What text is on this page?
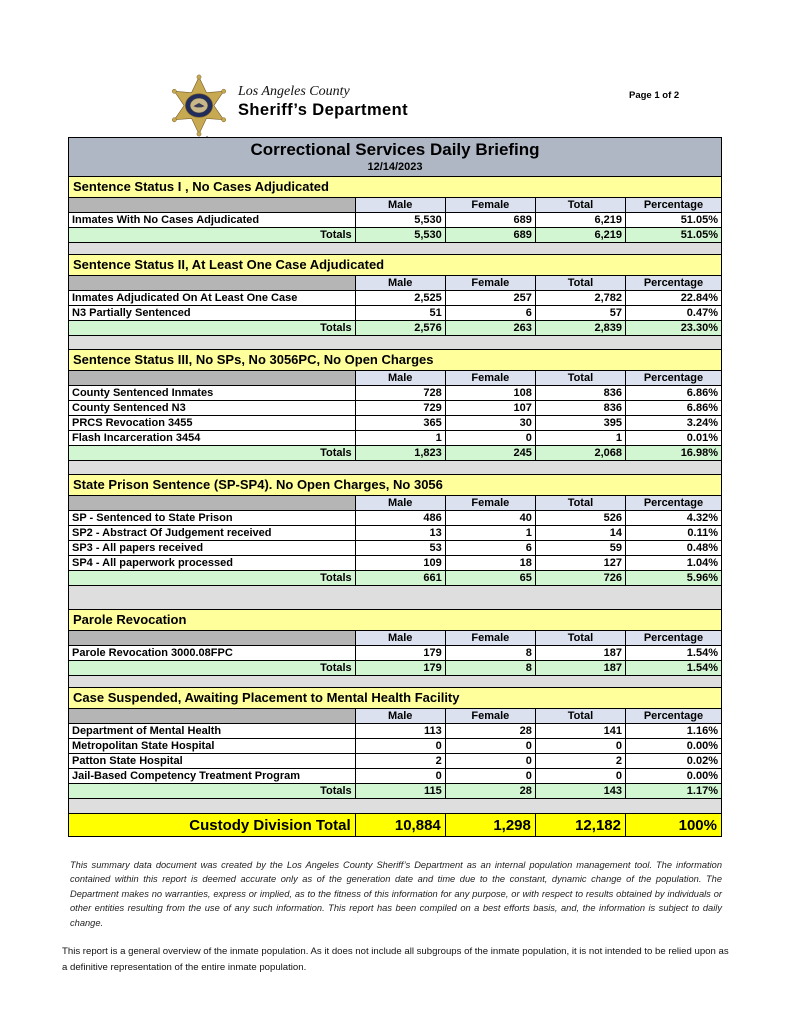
Los Angeles County
Sheriff’s Department
Page 1 of 2
Correctional Services Daily Briefing
12/14/2023
Sentence Status I , No Cases Adjudicated
	Male	Female	Total	Percentage
Inmates With No Cases Adjudicated	5,530	689	6,219	51.05%
Totals	5,530	689	6,219	51.05%
Sentence Status II, At Least One Case Adjudicated
	Male	Female	Total	Percentage
Inmates Adjudicated On At Least One Case	2,525	257	2,782	22.84%
N3 Partially Sentenced	51	6	57	0.47%
Totals	2,576	263	2,839	23.30%
Sentence Status III, No SPs, No 3056PC, No Open Charges
	Male	Female	Total	Percentage
County Sentenced Inmates	728	108	836	6.86%
County Sentenced N3	729	107	836	6.86%
PRCS Revocation 3455	365	30	395	3.24%
Flash Incarceration 3454	1	0	1	0.01%
Totals	1,823	245	2,068	16.98%
State Prison Sentence (SP-SP4). No Open Charges, No 3056
	Male	Female	Total	Percentage
SP - Sentenced to State Prison	486	40	526	4.32%
SP2 - Abstract Of Judgement received	13	1	14	0.11%
SP3 - All papers received	53	6	59	0.48%
SP4 - All paperwork processed	109	18	127	1.04%
Totals	661	65	726	5.96%
Parole Revocation
	Male	Female	Total	Percentage
Parole Revocation 3000.08FPC	179	8	187	1.54%
Totals	179	8	187	1.54%
Case Suspended, Awaiting Placement to Mental Health Facility
	Male	Female	Total	Percentage
Department of Mental Health	113	28	141	1.16%
Metropolitan State Hospital	0	0	0	0.00%
Patton State Hospital	2	0	2	0.02%
Jail-Based Competency Treatment Program	0	0	0	0.00%
Totals	115	28	143	1.17%
Custody Division Total	10,884	1,298	12,182	100%

This summary data document was created by the Los Angeles County Sheriff’s Department as an internal population management tool. The information contained within this report is deemed accurate only as of the generation date and time due to the constant, dynamic change of the population. The Department makes no warranties, express or implied, as to the fitness of this information for any purpose, or with respect to results obtained by individuals or other entities resulting from the use of any such information. This report has been compiled on a best efforts basis, and, the information is subject to daily change.

This report is a general overview of the inmate population. As it does not include all subgroups of the inmate population, it is not intended to be relied upon as a definitive representation of the entire inmate population.
